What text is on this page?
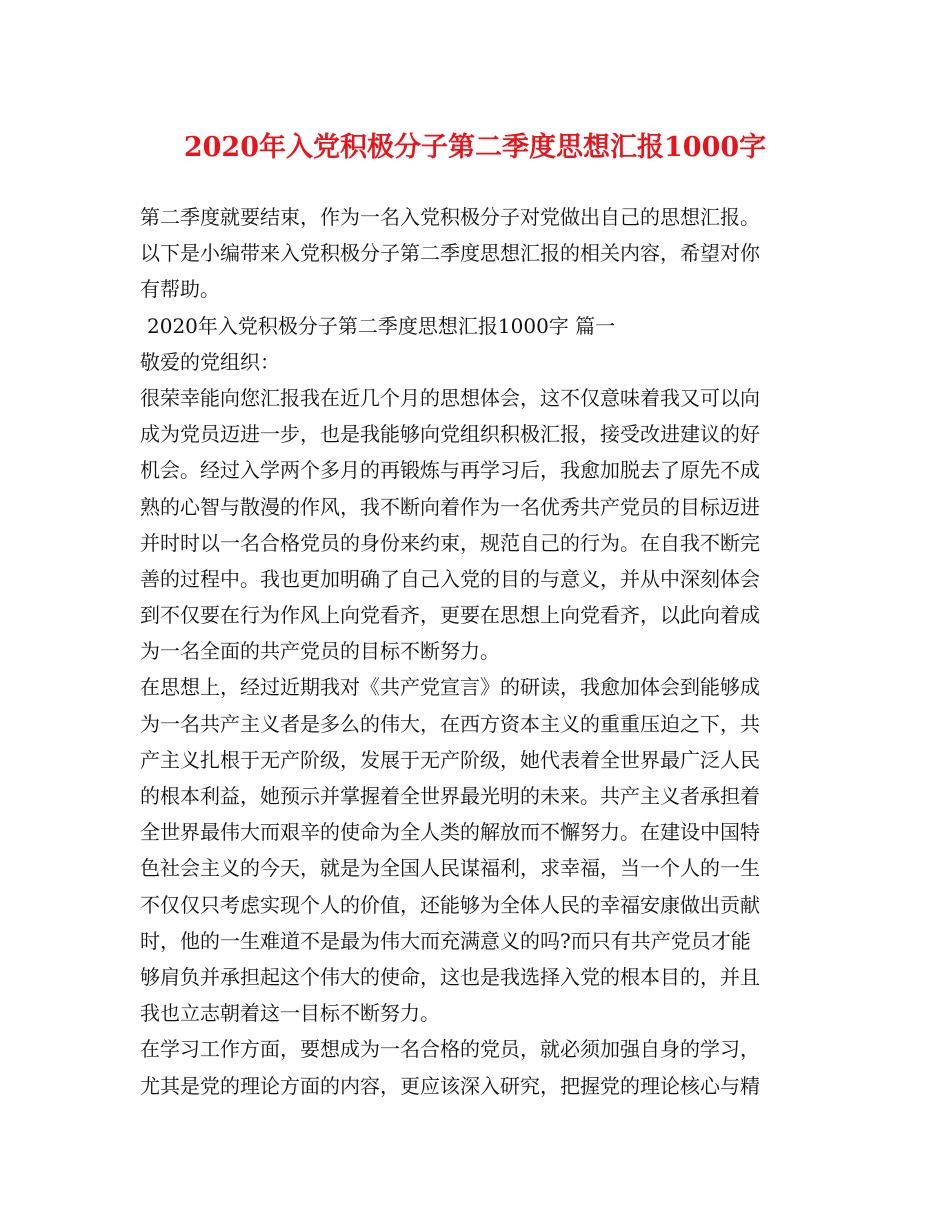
2020年入党积极分子第二季度思想汇报1000字
第二季度就要结束，作为一名入党积极分子对党做出自己的思想汇报。
以下是小编带来入党积极分子第二季度思想汇报的相关内容，希望对你
有帮助。
2020年入党积极分子第二季度思想汇报1000字 篇一
敬爱的党组织：
很荣幸能向您汇报我在近几个月的思想体会，这不仅意味着我又可以向
成为党员迈进一步，也是我能够向党组织积极汇报，接受改进建议的好
机会。经过入学两个多月的再锻炼与再学习后，我愈加脱去了原先不成
熟的心智与散漫的作风，我不断向着作为一名优秀共产党员的目标迈进
并时时以一名合格党员的身份来约束，规范自己的行为。在自我不断完
善的过程中。我也更加明确了自己入党的目的与意义，并从中深刻体会
到不仅要在行为作风上向党看齐，更要在思想上向党看齐，以此向着成
为一名全面的共产党员的目标不断努力。
在思想上，经过近期我对《共产党宣言》的研读，我愈加体会到能够成
为一名共产主义者是多么的伟大，在西方资本主义的重重压迫之下，共
产主义扎根于无产阶级，发展于无产阶级，她代表着全世界最广泛人民
的根本利益，她预示并掌握着全世界最光明的未来。共产主义者承担着
全世界最伟大而艰辛的使命为全人类的解放而不懈努力。在建设中国特
色社会主义的今天，就是为全国人民谋福利，求幸福，当一个人的一生
不仅仅只考虑实现个人的价值，还能够为全体人民的幸福安康做出贡献
时，他的一生难道不是最为伟大而充满意义的吗?而只有共产党员才能
够肩负并承担起这个伟大的使命，这也是我选择入党的根本目的，并且
我也立志朝着这一目标不断努力。
在学习工作方面，要想成为一名合格的党员，就必须加强自身的学习，
尤其是党的理论方面的内容，更应该深入研究，把握党的理论核心与精
